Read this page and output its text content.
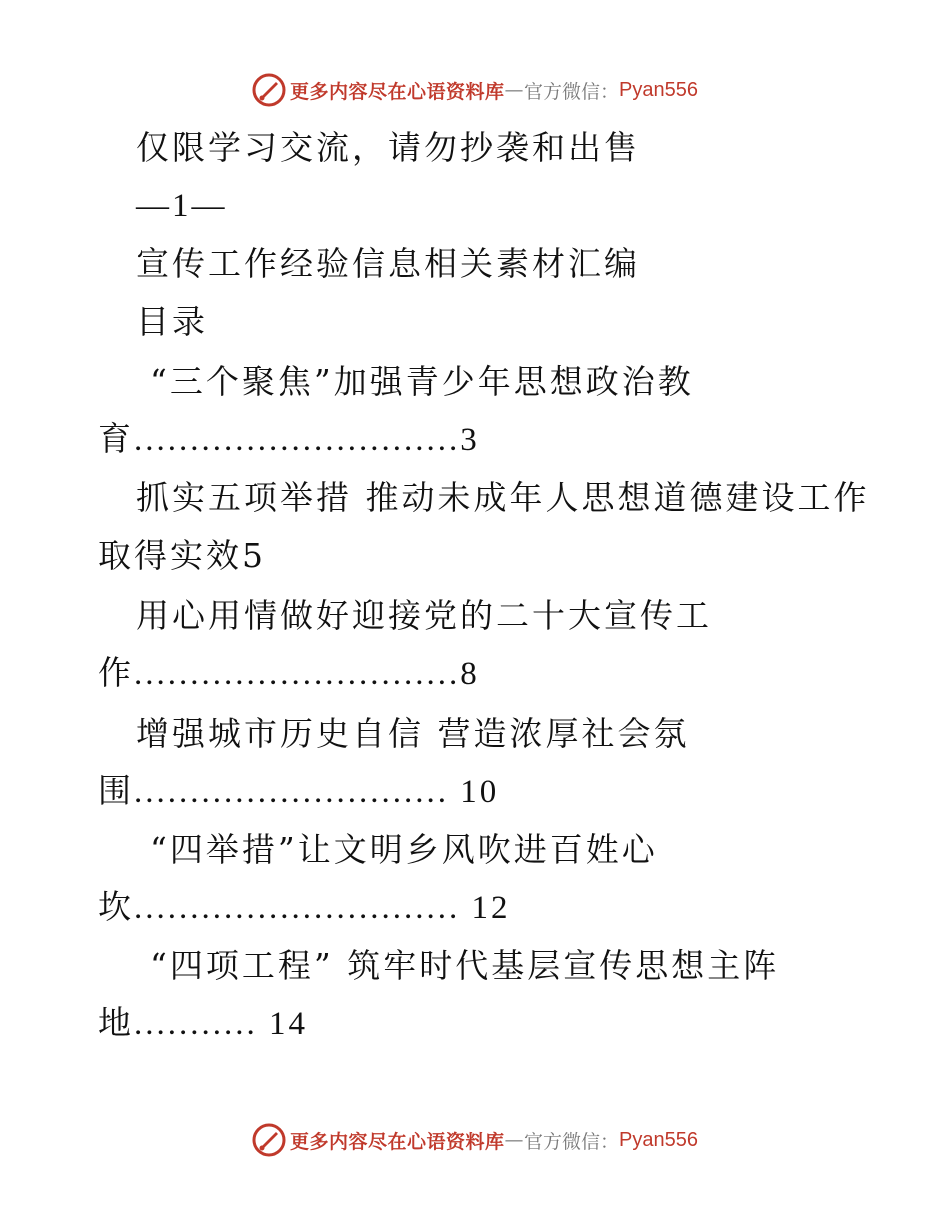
更多内容尽在心语资料库 — 官方微信： Pyan556
仅限学习交流，请勿抄袭和出售
—1—
宣传工作经验信息相关素材汇编
目录
“三个聚焦”加强青少年思想政治教
育.............................3
抓实五项举措 推动未成年人思想道德建设工作
取得实效5
用心用情做好迎接党的二十大宣传工
作.............................8
增强城市历史自信 营造浓厚社会氛
围............................ 10
“四举措”让文明乡风吹进百姓心
坎............................. 12
“四项工程” 筑牢时代基层宣传思想主阵
地........... 14
更多内容尽在心语资料库 — 官方微信： Pyan556
